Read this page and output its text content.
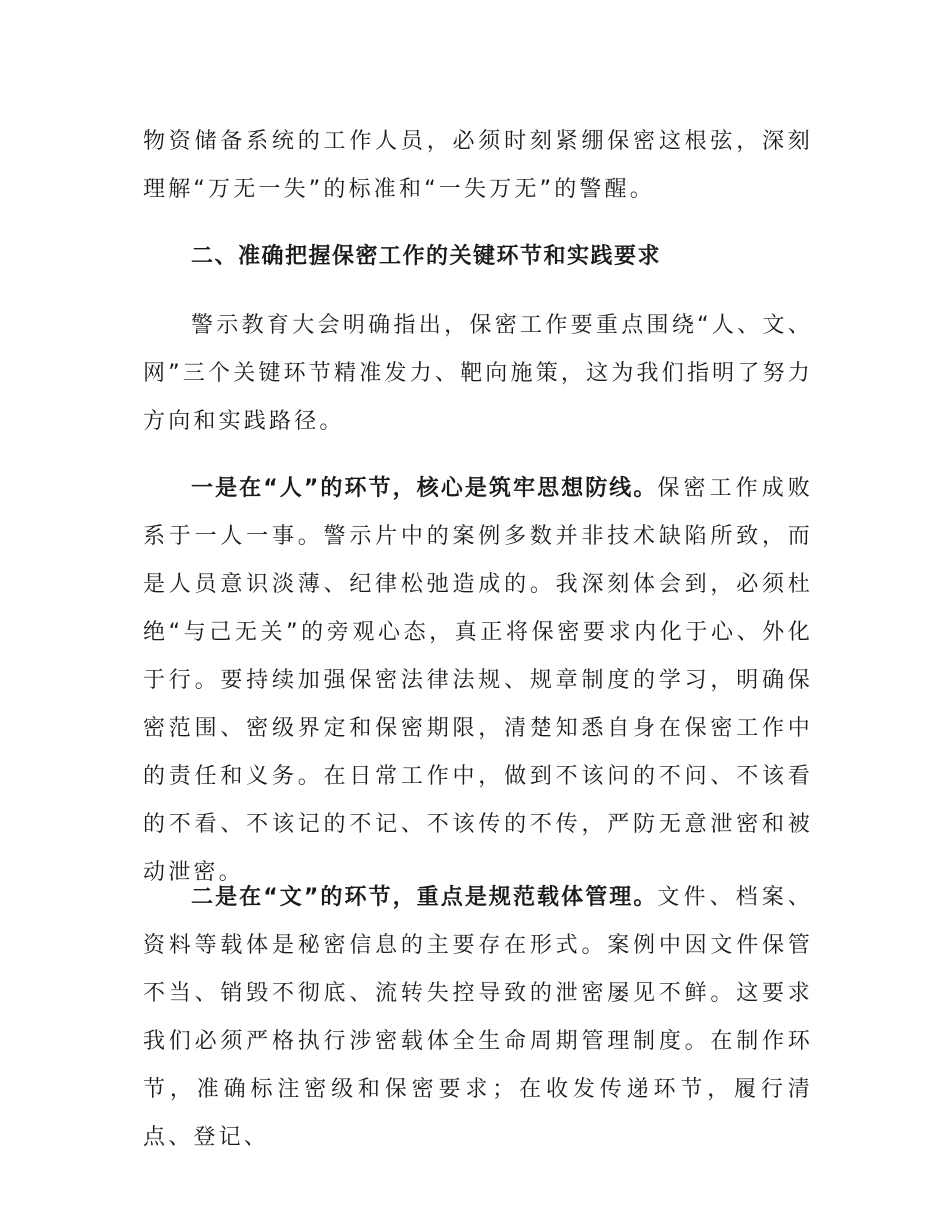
物资储备系统的工作人员，必须时刻紧绷保密这根弦，深刻理解“万无一失”的标准和“一失万无”的警醒。

二、准确把握保密工作的关键环节和实践要求

警示教育大会明确指出，保密工作要重点围绕“人、文、网”三个关键环节精准发力、靶向施策，这为我们指明了努力方向和实践路径。

一是在“人”的环节，核心是筑牢思想防线。保密工作成败系于一人一事。警示片中的案例多数并非技术缺陷所致，而是人员意识淡薄、纪律松弛造成的。我深刻体会到，必须杜绝“与己无关”的旁观心态，真正将保密要求内化于心、外化于行。要持续加强保密法律法规、规章制度的学习，明确保密范围、密级界定和保密期限，清楚知悉自身在保密工作中的责任和义务。在日常工作中，做到不该问的不问、不该看的不看、不该记的不记、不该传的不传，严防无意泄密和被动泄密。

二是在“文”的环节，重点是规范载体管理。文件、档案、资料等载体是秘密信息的主要存在形式。案例中因文件保管不当、销毁不彻底、流转失控导致的泄密屡见不鲜。这要求我们必须严格执行涉密载体全生命周期管理制度。在制作环节，准确标注密级和保密要求；在收发传递环节，履行清点、登记、
